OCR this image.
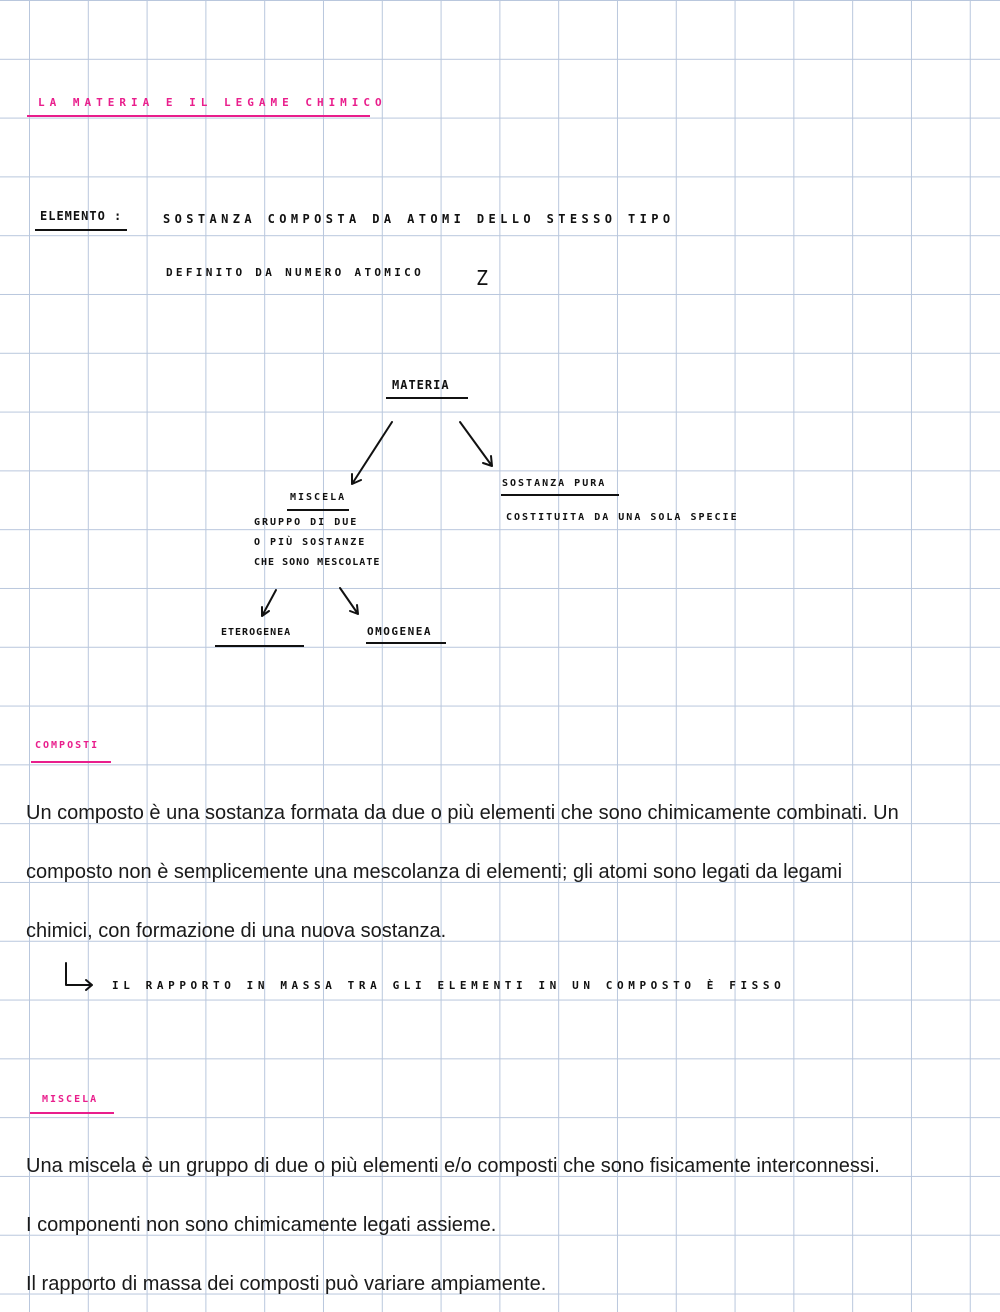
LA MATERIA E IL LEGAME CHIMICO
ELEMENTO :	SOSTANZA COMPOSTA DA ATOMI DELLO STESSO TIPO
DEFINITO DA NUMERO ATOMICO	Z
MATERIA
MISCELA
GRUPPO DI DUE
O PIÙ SOSTANZE
CHE SONO MESCOLATE
SOSTANZA PURA
COSTITUITA DA UNA SOLA SPECIE
ETEROGENEA	OMOGENEA
COMPOSTI
Un composto è una sostanza formata da due o più elementi che sono chimicamente combinati. Un
composto non è semplicemente una mescolanza di elementi; gli atomi sono legati da legami
chimici, con formazione di una nuova sostanza.
IL RAPPORTO IN MASSA TRA GLI ELEMENTI IN UN COMPOSTO È FISSO
MISCELA
Una miscela è un gruppo di due o più elementi e/o composti che sono fisicamente interconnessi.
I componenti non sono chimicamente legati assieme.
Il rapporto di massa dei composti può variare ampiamente.
